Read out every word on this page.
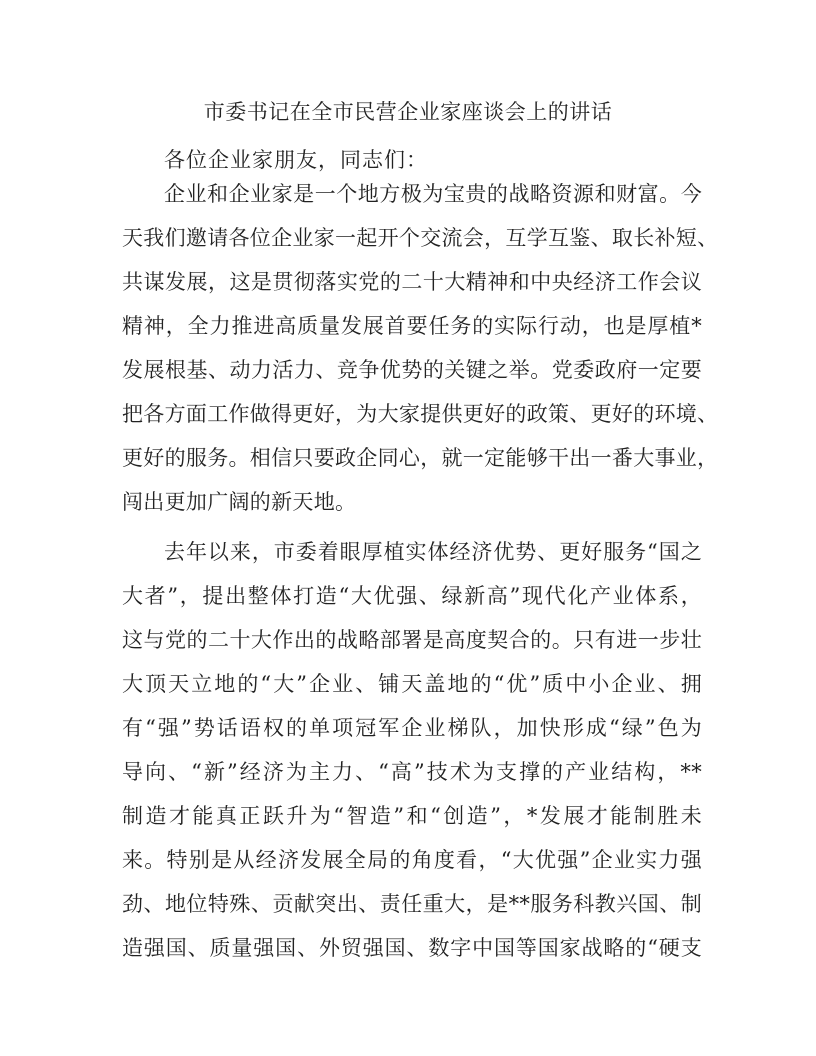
市委书记在全市民营企业家座谈会上的讲话
各位企业家朋友，同志们：
企业和企业家是一个地方极为宝贵的战略资源和财富。今
天我们邀请各位企业家一起开个交流会，互学互鉴、取长补短、
共谋发展，这是贯彻落实党的二十大精神和中央经济工作会议
精神，全力推进高质量发展首要任务的实际行动，也是厚植*
发展根基、动力活力、竞争优势的关键之举。党委政府一定要
把各方面工作做得更好，为大家提供更好的政策、更好的环境、
更好的服务。相信只要政企同心，就一定能够干出一番大事业，
闯出更加广阔的新天地。
去年以来，市委着眼厚植实体经济优势、更好服务“国之
大者”，提出整体打造“大优强、绿新高”现代化产业体系，
这与党的二十大作出的战略部署是高度契合的。只有进一步壮
大顶天立地的“大”企业、铺天盖地的“优”质中小企业、拥
有“强”势话语权的单项冠军企业梯队，加快形成“绿”色为
导向、“新”经济为主力、“高”技术为支撑的产业结构，**
制造才能真正跃升为“智造”和“创造”，*发展才能制胜未
来。特别是从经济发展全局的角度看，“大优强”企业实力强
劲、地位特殊、贡献突出、责任重大，是**服务科教兴国、制
造强国、质量强国、外贸强国、数字中国等国家战略的“硬支
